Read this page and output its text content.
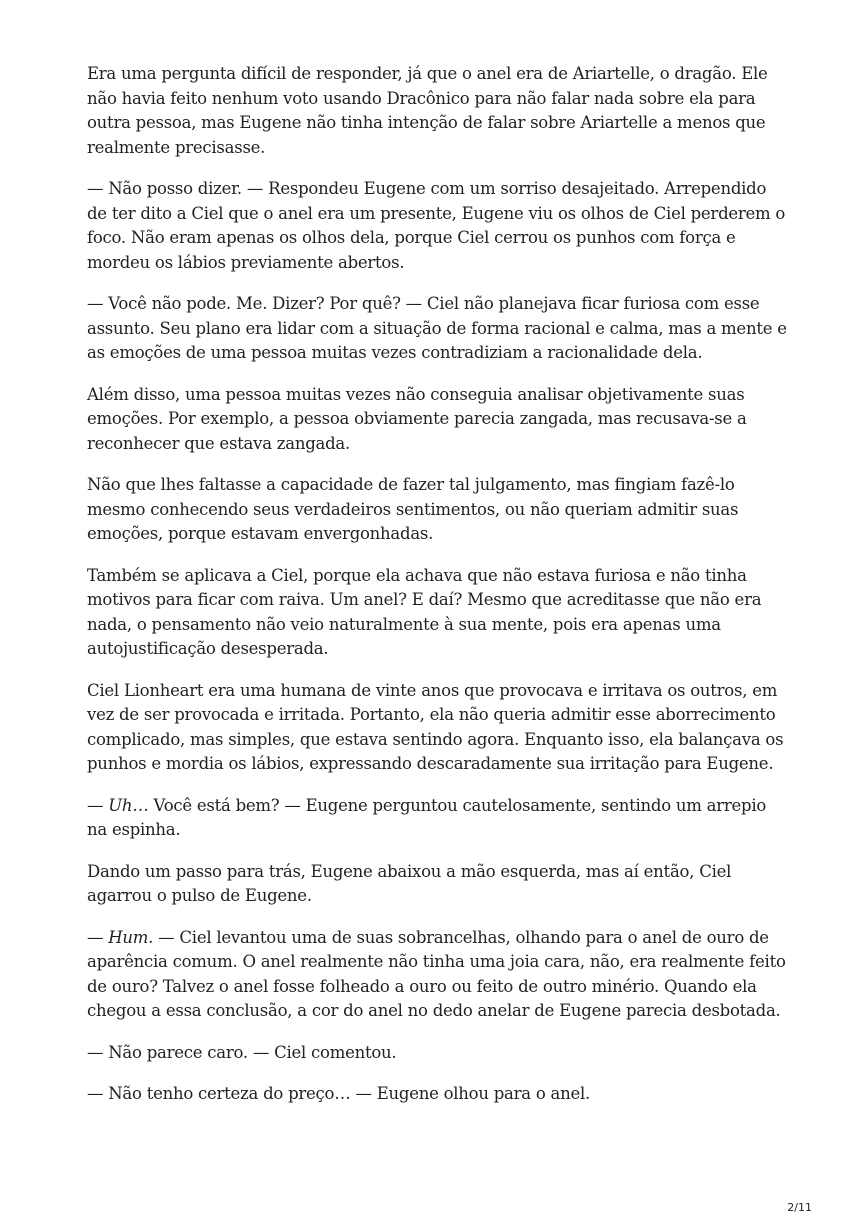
Era uma pergunta difícil de responder, já que o anel era de Ariartelle, o dragão. Ele não havia feito nenhum voto usando Dracônico para não falar nada sobre ela para outra pessoa, mas Eugene não tinha intenção de falar sobre Ariartelle a menos que realmente precisasse.

— Não posso dizer. — Respondeu Eugene com um sorriso desajeitado. Arrependido de ter dito a Ciel que o anel era um presente, Eugene viu os olhos de Ciel perderem o foco. Não eram apenas os olhos dela, porque Ciel cerrou os punhos com força e mordeu os lábios previamente abertos.

— Você não pode. Me. Dizer? Por quê? — Ciel não planejava ficar furiosa com esse assunto. Seu plano era lidar com a situação de forma racional e calma, mas a mente e as emoções de uma pessoa muitas vezes contradiziam a racionalidade dela.

Além disso, uma pessoa muitas vezes não conseguia analisar objetivamente suas emoções. Por exemplo, a pessoa obviamente parecia zangada, mas recusava-se a reconhecer que estava zangada.

Não que lhes faltasse a capacidade de fazer tal julgamento, mas fingiam fazê-lo mesmo conhecendo seus verdadeiros sentimentos, ou não queriam admitir suas emoções, porque estavam envergonhadas.

Também se aplicava a Ciel, porque ela achava que não estava furiosa e não tinha motivos para ficar com raiva. Um anel? E daí? Mesmo que acreditasse que não era nada, o pensamento não veio naturalmente à sua mente, pois era apenas uma autojustificação desesperada.

Ciel Lionheart era uma humana de vinte anos que provocava e irritava os outros, em vez de ser provocada e irritada. Portanto, ela não queria admitir esse aborrecimento complicado, mas simples, que estava sentindo agora. Enquanto isso, ela balançava os punhos e mordia os lábios, expressando descaradamente sua irritação para Eugene.

— Uh… Você está bem? — Eugene perguntou cautelosamente, sentindo um arrepio na espinha.

Dando um passo para trás, Eugene abaixou a mão esquerda, mas aí então, Ciel agarrou o pulso de Eugene.

— Hum. — Ciel levantou uma de suas sobrancelhas, olhando para o anel de ouro de aparência comum. O anel realmente não tinha uma joia cara, não, era realmente feito de ouro? Talvez o anel fosse folheado a ouro ou feito de outro minério. Quando ela chegou a essa conclusão, a cor do anel no dedo anelar de Eugene parecia desbotada.

— Não parece caro. — Ciel comentou.

— Não tenho certeza do preço… — Eugene olhou para o anel.

2/11
